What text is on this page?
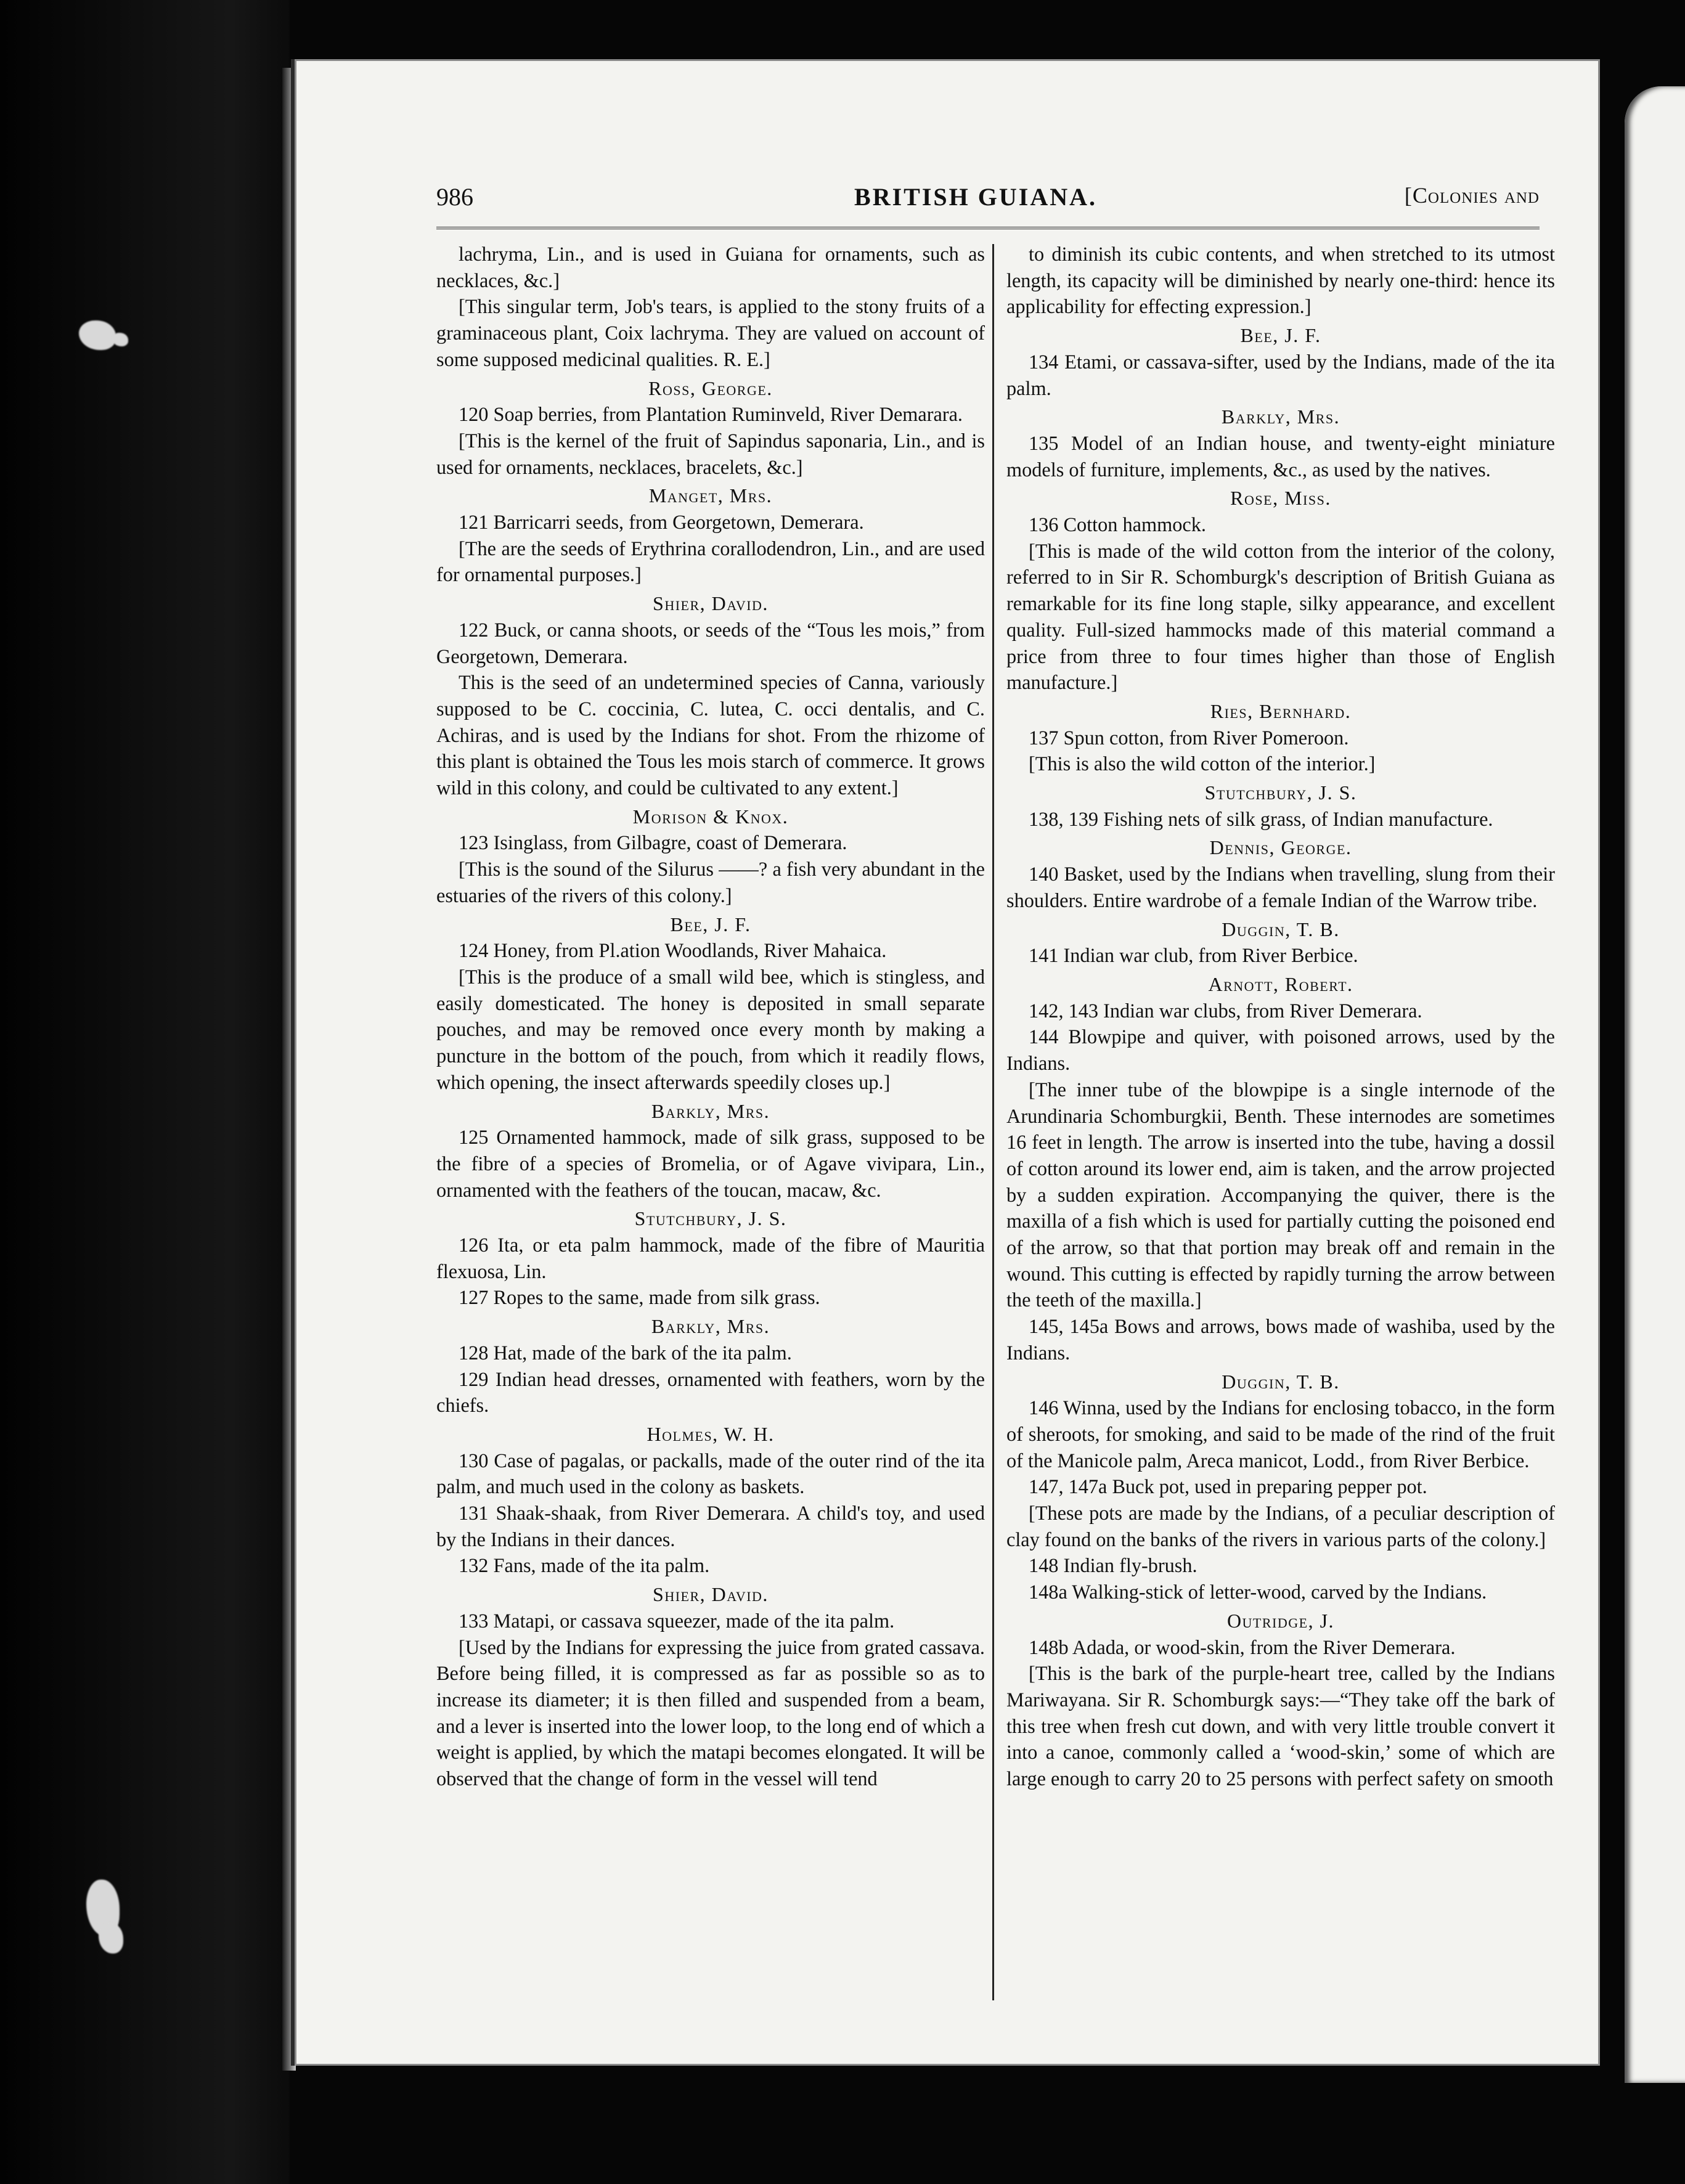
986	BRITISH GUIANA.	[Colonies and

lachryma, Lin., and is used in Guiana for ornaments, such as necklaces, &c.]

[This singular term, Job's tears, is applied to the stony fruits of a graminaceous plant, Coix lachryma. They are valued on account of some supposed medicinal qualities. R. E.]

Ross, George.

120 Soap berries, from Plantation Ruminveld, River Demarara.

[This is the kernel of the fruit of Sapindus saponaria, Lin., and is used for ornaments, necklaces, bracelets, &c.]

Manget, Mrs.

121 Barricarri seeds, from Georgetown, Demerara.

[The are the seeds of Erythrina corallodendron, Lin., and are used for ornamental purposes.]

Shier, David.

122 Buck, or canna shoots, or seeds of the “Tous les mois,” from Georgetown, Demerara.

This is the seed of an undetermined species of Canna, variously supposed to be C. coccinia, C. lutea, C. occi dentalis, and C. Achiras, and is used by the Indians for shot. From the rhizome of this plant is obtained the Tous les mois starch of commerce. It grows wild in this colony, and could be cultivated to any extent.]

Morison & Knox.

123 Isinglass, from Gilbagre, coast of Demerara.

[This is the sound of the Silurus ——? a fish very abundant in the estuaries of the rivers of this colony.]

Bee, J. F.

124 Honey, from Pl.ation Woodlands, River Mahaica.

[This is the produce of a small wild bee, which is stingless, and easily domesticated. The honey is deposited in small separate pouches, and may be removed once every month by making a puncture in the bottom of the pouch, from which it readily flows, which opening, the insect afterwards speedily closes up.]

Barkly, Mrs.

125 Ornamented hammock, made of silk grass, supposed to be the fibre of a species of Bromelia, or of Agave vivipara, Lin., ornamented with the feathers of the toucan, macaw, &c.

Stutchbury, J. S.

126 Ita, or eta palm hammock, made of the fibre of Mauritia flexuosa, Lin.

127 Ropes to the same, made from silk grass.

Barkly, Mrs.

128 Hat, made of the bark of the ita palm.

129 Indian head dresses, ornamented with feathers, worn by the chiefs.

Holmes, W. H.

130 Case of pagalas, or packalls, made of the outer rind of the ita palm, and much used in the colony as baskets.

131 Shaak-shaak, from River Demerara. A child's toy, and used by the Indians in their dances.

132 Fans, made of the ita palm.

Shier, David.

133 Matapi, or cassava squeezer, made of the ita palm.

[Used by the Indians for expressing the juice from grated cassava. Before being filled, it is compressed as far as possible so as to increase its diameter; it is then filled and suspended from a beam, and a lever is inserted into the lower loop, to the long end of which a weight is applied, by which the matapi becomes elongated. It will be observed that the change of form in the vessel will tend

to diminish its cubic contents, and when stretched to its utmost length, its capacity will be diminished by nearly one-third: hence its applicability for effecting expression.]

Bee, J. F.

134 Etami, or cassava-sifter, used by the Indians, made of the ita palm.

Barkly, Mrs.

135 Model of an Indian house, and twenty-eight miniature models of furniture, implements, &c., as used by the natives.

Rose, Miss.

136 Cotton hammock.

[This is made of the wild cotton from the interior of the colony, referred to in Sir R. Schomburgk's description of British Guiana as remarkable for its fine long staple, silky appearance, and excellent quality. Full-sized hammocks made of this material command a price from three to four times higher than those of English manufacture.]

Ries, Bernhard.

137 Spun cotton, from River Pomeroon.

[This is also the wild cotton of the interior.]

Stutchbury, J. S.

138, 139 Fishing nets of silk grass, of Indian manufacture.

Dennis, George.

140 Basket, used by the Indians when travelling, slung from their shoulders. Entire wardrobe of a female Indian of the Warrow tribe.

Duggin, T. B.

141 Indian war club, from River Berbice.

Arnott, Robert.

142, 143 Indian war clubs, from River Demerara.

144 Blowpipe and quiver, with poisoned arrows, used by the Indians.

[The inner tube of the blowpipe is a single internode of the Arundinaria Schomburgkii, Benth. These internodes are sometimes 16 feet in length. The arrow is inserted into the tube, having a dossil of cotton around its lower end, aim is taken, and the arrow projected by a sudden expiration. Accompanying the quiver, there is the maxilla of a fish which is used for partially cutting the poisoned end of the arrow, so that that portion may break off and remain in the wound. This cutting is effected by rapidly turning the arrow between the teeth of the maxilla.]

145, 145a Bows and arrows, bows made of washiba, used by the Indians.

Duggin, T. B.

146 Winna, used by the Indians for enclosing tobacco, in the form of sheroots, for smoking, and said to be made of the rind of the fruit of the Manicole palm, Areca manicot, Lodd., from River Berbice.

147, 147a Buck pot, used in preparing pepper pot.

[These pots are made by the Indians, of a peculiar description of clay found on the banks of the rivers in various parts of the colony.]

148 Indian fly-brush.

148a Walking-stick of letter-wood, carved by the Indians.

Outridge, J.

148b Adada, or wood-skin, from the River Demerara.

[This is the bark of the purple-heart tree, called by the Indians Mariwayana. Sir R. Schomburgk says:—“They take off the bark of this tree when fresh cut down, and with very little trouble convert it into a canoe, commonly called a ‘wood-skin,’ some of which are large enough to carry 20 to 25 persons with perfect safety on smooth
